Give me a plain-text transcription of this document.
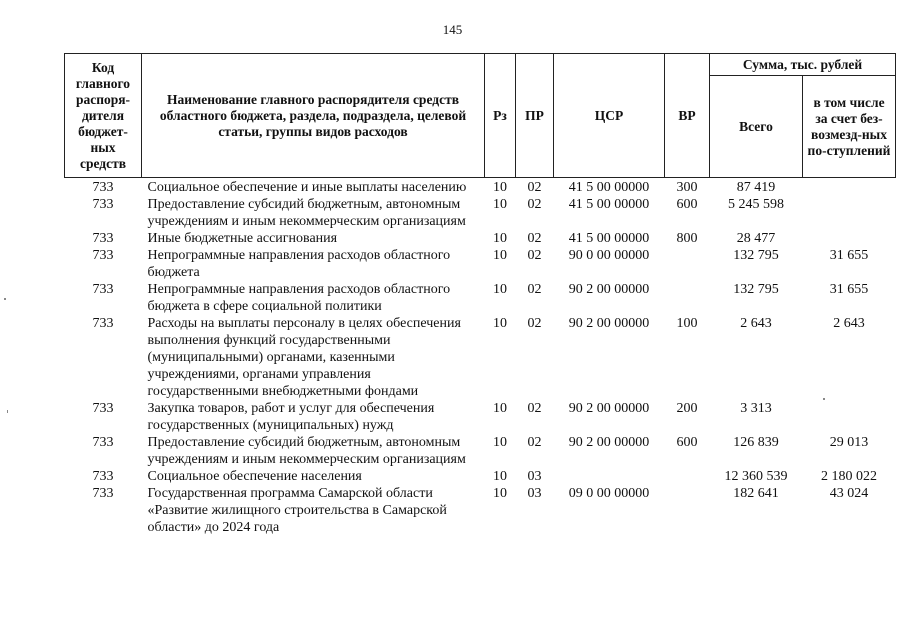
145
Код главного распоря-дителя бюджет-ных средств	Наименование главного распорядителя средств областного бюджета, раздела, подраздела, целевой статьи, группы видов расходов	Рз	ПР	ЦСР	ВР	Сумма, тыс. рублей	
						Всего	в том числе за счет без-возмезд-ных по-ступлений
733	Социальное обеспечение и иные выплаты населению	10	02	41 5 00 00000	300	87 419	
733	Предоставление субсидий бюджетным, автономным учреждениям и иным некоммерческим организациям	10	02	41 5 00 00000	600	5 245 598	
733	Иные бюджетные ассигнования	10	02	41 5 00 00000	800	28 477	
733	Непрограммные направления расходов областного бюджета	10	02	90 0 00 00000		132 795	31 655
733	Непрограммные направления расходов областного бюджета в сфере социальной политики	10	02	90 2 00 00000		132 795	31 655
733	Расходы на выплаты персоналу в целях обеспечения выполнения функций государственными (муниципальными) органами, казенными учреждениями, органами управления государственными внебюджетными фондами	10	02	90 2 00 00000	100	2 643	2 643
733	Закупка товаров, работ и услуг для обеспечения государственных (муниципальных) нужд	10	02	90 2 00 00000	200	3 313	
733	Предоставление субсидий бюджетным, автономным учреждениям и иным некоммерческим организациям	10	02	90 2 00 00000	600	126 839	29 013
733	Социальное обеспечение населения	10	03			12 360 539	2 180 022
733	Государственная программа Самарской области «Развитие жилищного строительства в Самарской области» до 2024 года	10	03	09 0 00 00000		182 641	43 024
